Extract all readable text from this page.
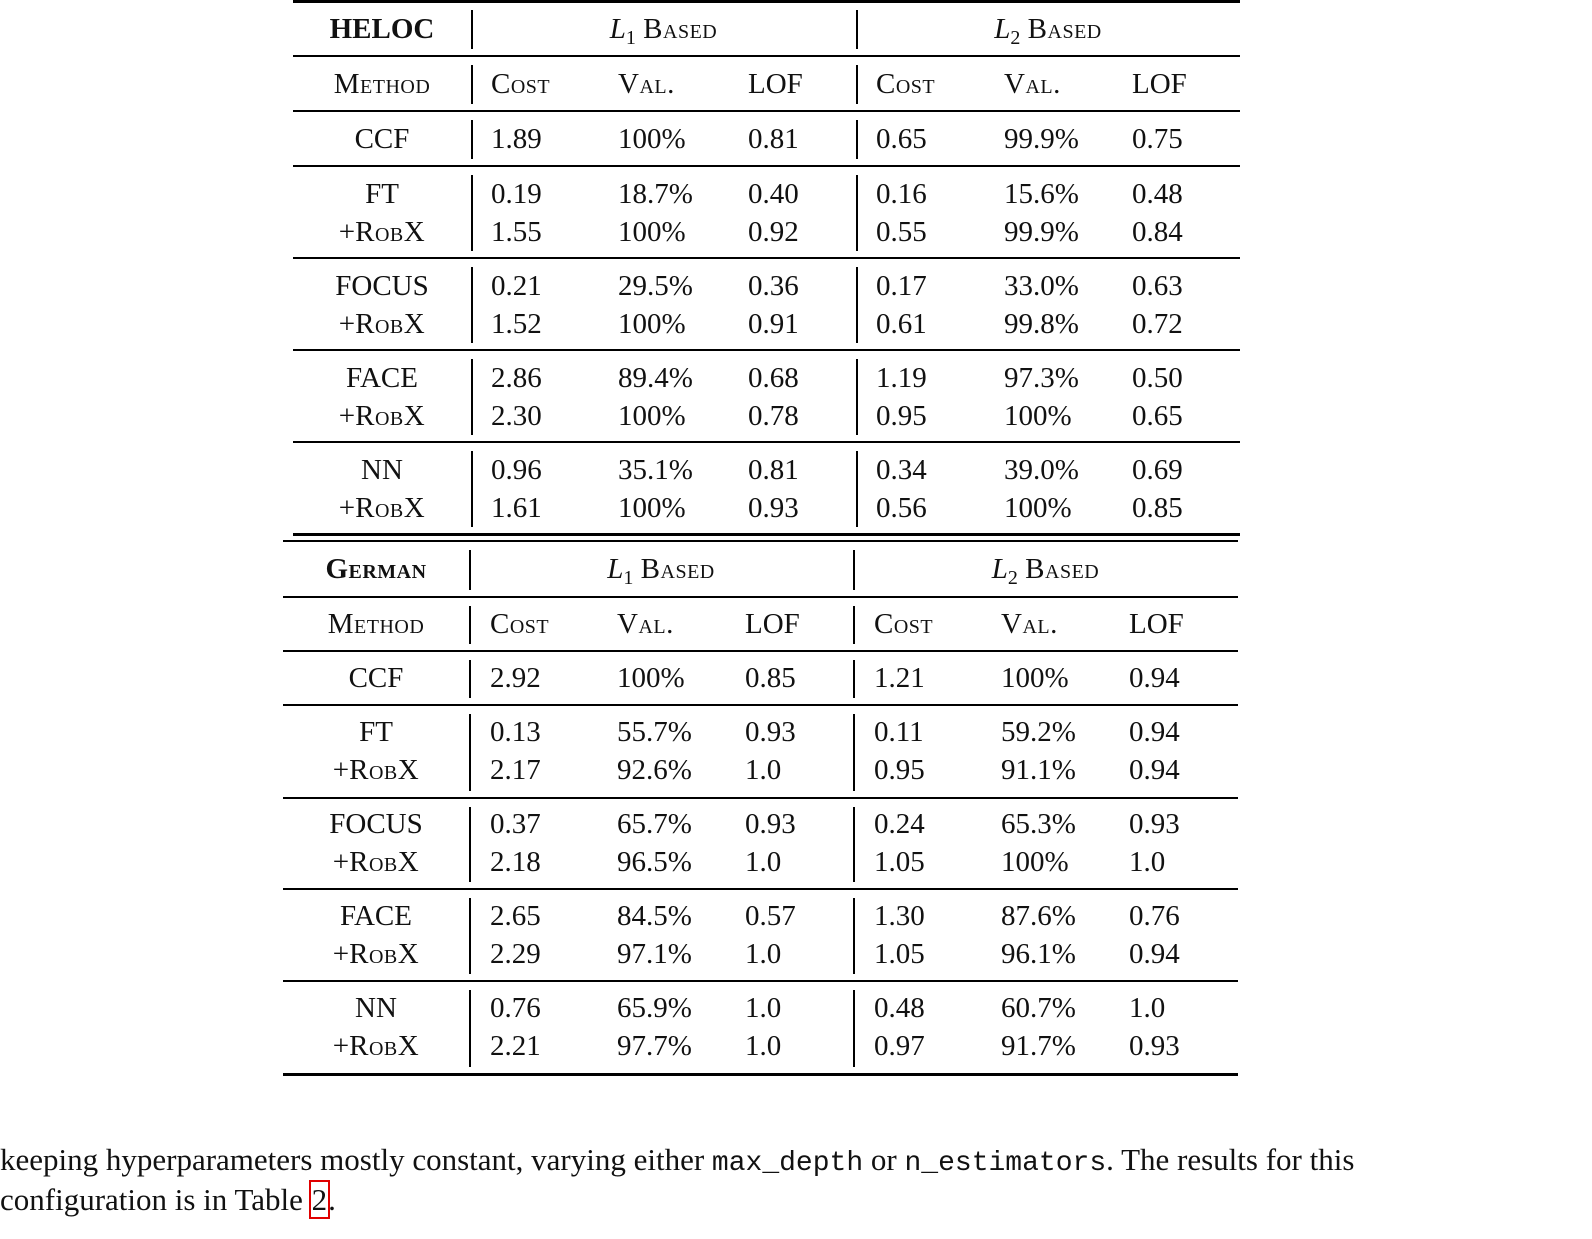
HELOC	$L_1$ Based	$L_2$ Based
Method Cost Val.	LOF	Cost Val. LOF
CCF	1.89	100% 0.81	0.65	99.9% 0.75
FT	0.19	18.7% 0.40	0.16	15.6% 0.48
+RobX 1.55	100% 0.92	0.55	99.9% 0.84
FOCUS 0.21	29.5% 0.36	0.17	33.0% 0.63
+RobX 1.52	100% 0.91	0.61	99.8% 0.72
FACE	2.86	89.4% 0.68	1.19	97.3% 0.50
+RobX 2.30	100% 0.78	0.95	100% 0.65
NN	0.96	35.1% 0.81	0.34	39.0% 0.69
+RobX 1.61	100% 0.93	0.56	100% 0.85
German	$L_1$ Based	$L_2$ Based
Method Cost Val. LOF	Cost Val. LOF
CCF	2.92	100% 0.85	1.21	100% 0.94
FT	0.13	55.7% 0.93	0.11	59.2% 0.94
+RobX 2.17	92.6% 1.0	0.95	91.1% 0.94
FOCUS 0.37	65.7% 0.93	0.24	65.3% 0.93
+RobX 2.18	96.5% 1.0	1.05	100% 1.0
FACE	2.65	84.5% 0.57	1.30	87.6% 0.76
+RobX 2.29	97.1% 1.0	1.05	96.1% 0.94
NN	0.76	65.9% 1.0	0.48	60.7% 1.0
+RobX 2.21	97.7% 1.0	0.97	91.7% 0.93
keeping hyperparameters mostly constant, varying either max_depth or n_estimators. The results for this
configuration is in Table 2.
